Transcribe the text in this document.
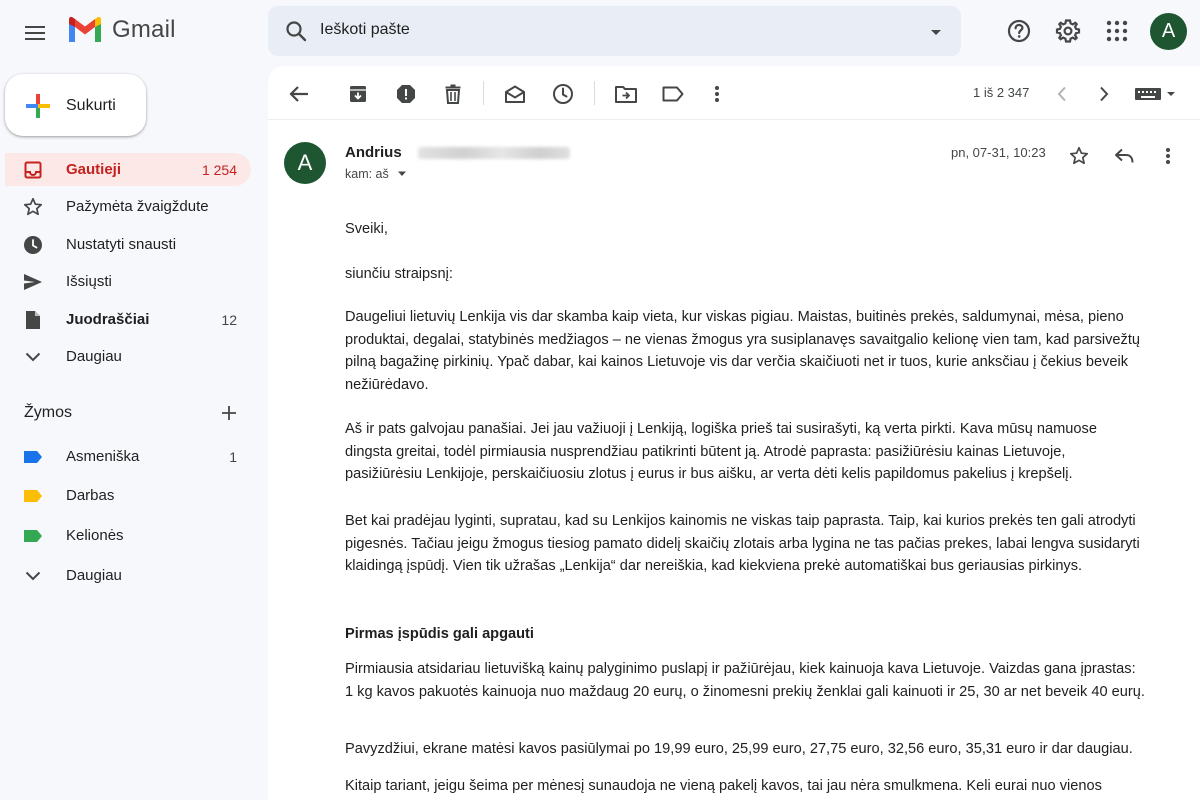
Gmail	Ieškoti pašte	A
Sukurti
Gautieji	1 254
Pažymėta žvaigždute
Nustatyti snausti
Išsiųsti
Juodraščiai	12
Daugiau
Žymos
Asmeniška	1
Darbas
Kelionės
Daugiau
1 iš 2 347
A	Andrius
kam: aš
pn, 07-31, 10:23

Sveiki,

siunčiu straipsnį:

Daugeliui lietuvių Lenkija vis dar skamba kaip vieta, kur viskas pigiau. Maistas, buitinės prekės, saldumynai, mėsa, pieno produktai, degalai, statybinės medžiagos – ne vienas žmogus yra susiplanavęs savaitgalio kelionę vien tam, kad parsivežtų pilną bagažinę pirkinių. Ypač dabar, kai kainos Lietuvoje vis dar verčia skaičiuoti net ir tuos, kurie anksčiau į čekius beveik nežiūrėdavo.

Aš ir pats galvojau panašiai. Jei jau važiuoji į Lenkiją, logiška prieš tai susirašyti, ką verta pirkti. Kava mūsų namuose dingsta greitai, todėl pirmiausia nusprendžiau patikrinti būtent ją. Atrodė paprasta: pasižiūrėsiu kainas Lietuvoje, pasižiūrėsiu Lenkijoje, perskaičiuosiu zlotus į eurus ir bus aišku, ar verta dėti kelis papildomus pakelius į krepšelį.

Bet kai pradėjau lyginti, supratau, kad su Lenkijos kainomis ne viskas taip paprasta. Taip, kai kurios prekės ten gali atrodyti pigesnės. Tačiau jeigu žmogus tiesiog pamato didelį skaičių zlotais arba lygina ne tas pačias prekes, labai lengva susidaryti klaidingą įspūdį. Vien tik užrašas „Lenkija“ dar nereiškia, kad kiekviena prekė automatiškai bus geriausias pirkinys.

Pirmas įspūdis gali apgauti

Pirmiausia atsidariau lietuvišką kainų palyginimo puslapį ir pažiūrėjau, kiek kainuoja kava Lietuvoje. Vaizdas gana įprastas: 1 kg kavos pakuotės kainuoja nuo maždaug 20 eurų, o žinomesni prekių ženklai gali kainuoti ir 25, 30 ar net beveik 40 eurų.

Pavyzdžiui, ekrane matėsi kavos pasiūlymai po 19,99 euro, 25,99 euro, 27,75 euro, 32,56 euro, 35,31 euro ir dar daugiau.

Kitaip tariant, jeigu šeima per mėnesį sunaudoja ne vieną pakelį kavos, tai jau nėra smulkmena. Keli eurai nuo vienos
